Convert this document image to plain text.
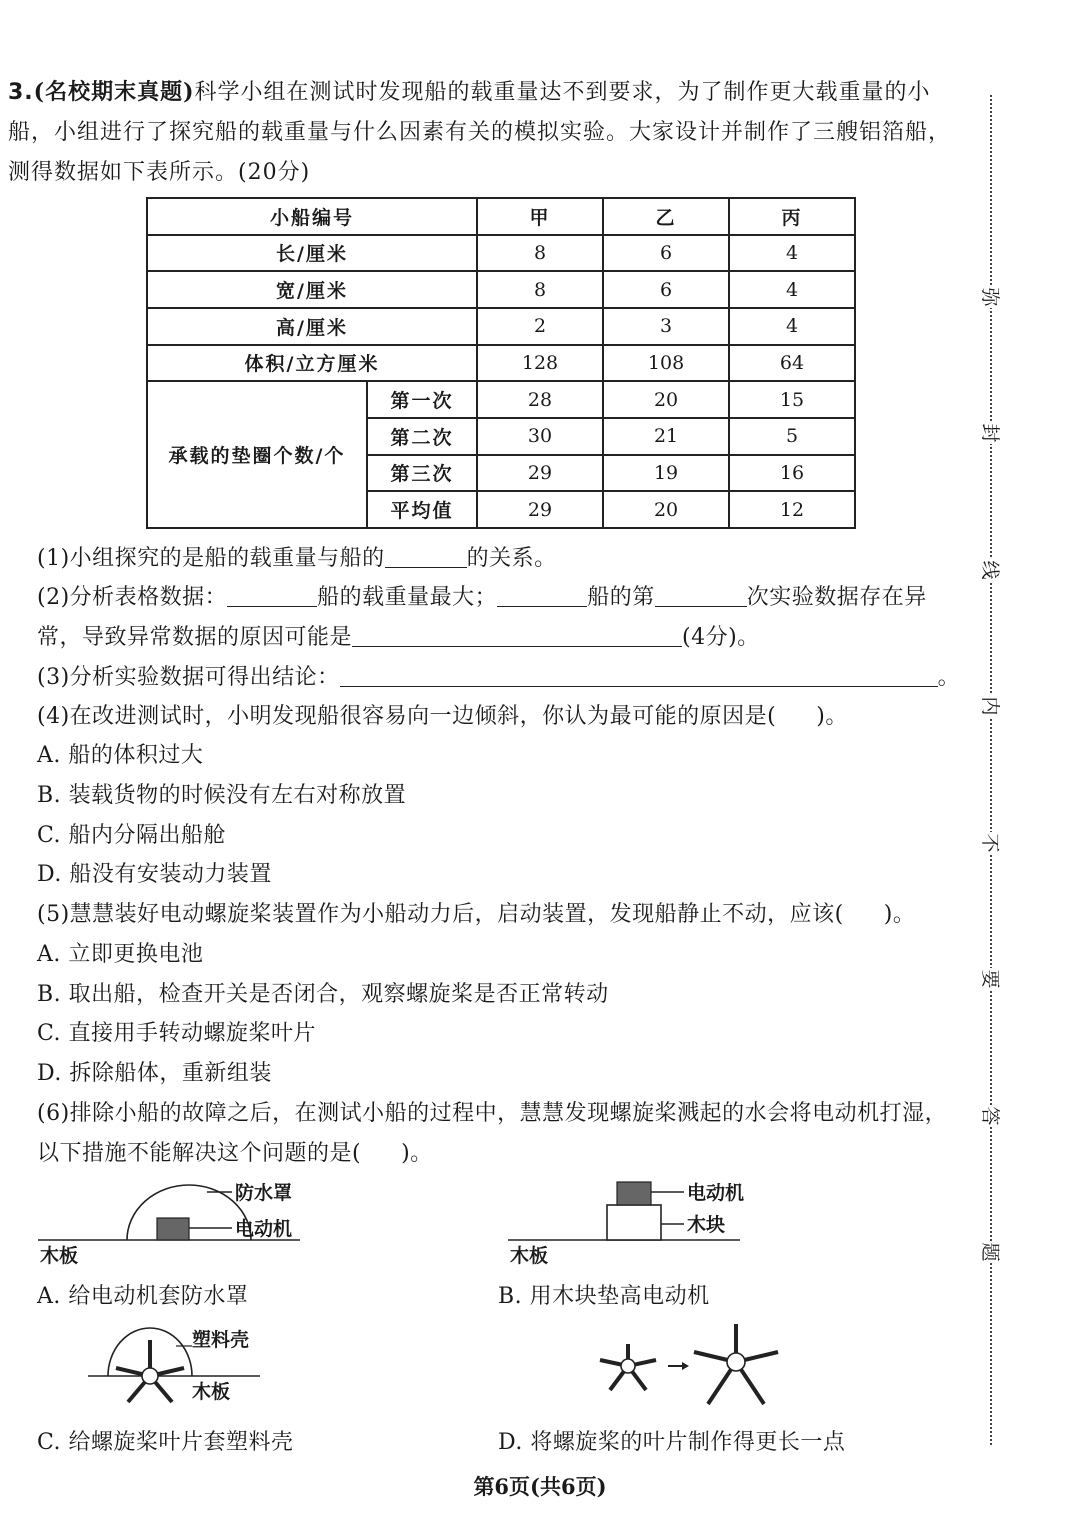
3.(名校期末真题)科学小组在测试时发现船的载重量达不到要求，为了制作更大载重量的小船，小组进行了探究船的载重量与什么因素有关的模拟实验。大家设计并制作了三艘铝箔船，测得数据如下表所示。(20分)
小船编号		甲	乙	丙
长/厘米		8	6	4
宽/厘米		8	6	4
高/厘米		2	3	4
体积/立方厘米		128	108	64
承载的垫圈个数/个	第一次	28	20	15
	第二次	30	21	5
	第三次	29	19	16
	平均值	29	20	12
(1)小组探究的是船的载重量与船的	的关系。
(2)分析表格数据：	船的载重量最大；	船的第	次实验数据存在异
常，导致异常数据的原因可能是	(4分)。
(3)分析实验数据可得出结论：	。
(4)在改进测试时，小明发现船很容易向一边倾斜，你认为最可能的原因是( )。
A. 船的体积过大
B. 装载货物的时候没有左右对称放置
C. 船内分隔出船舱
D. 船没有安装动力装置
(5)慧慧装好电动螺旋桨装置作为小船动力后，启动装置，发现船静止不动，应该( )。
A. 立即更换电池
B. 取出船，检查开关是否闭合，观察螺旋桨是否正常转动
C. 直接用手转动螺旋桨叶片
D. 拆除船体，重新组装
(6)排除小船的故障之后，在测试小船的过程中，慧慧发现螺旋桨溅起的水会将电动机打湿，
以下措施不能解决这个问题的是( )。
防水罩
电动机
木板
A. 给电动机套防水罩
电动机
木块
木板
B. 用木块垫高电动机
塑料壳
木板
C. 给螺旋桨叶片套塑料壳	D. 将螺旋桨的叶片制作得更长一点
弥
封
线
内
不
要
答
题
第6页(共6页)
